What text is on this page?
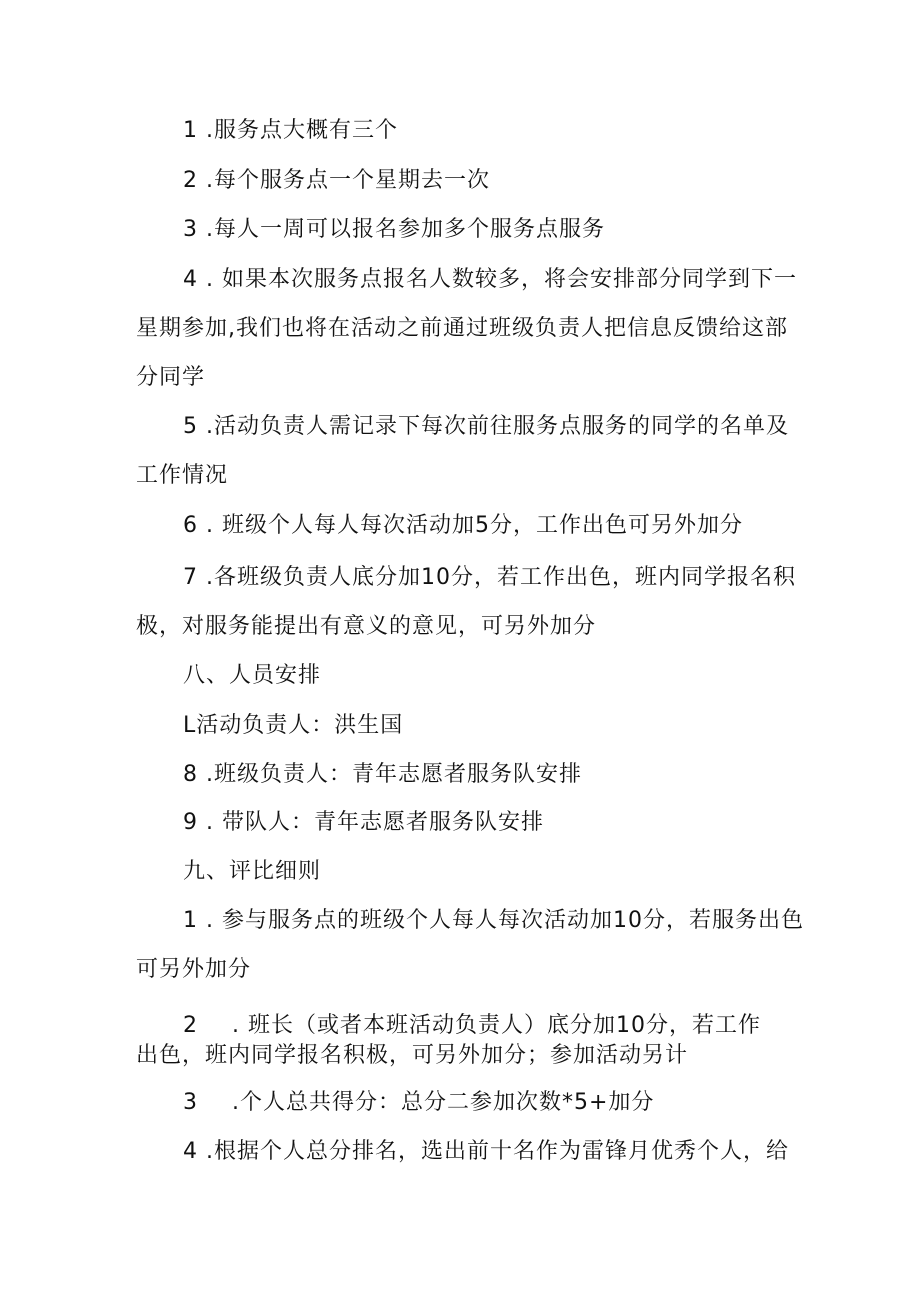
1 .服务点大概有三个
2 .每个服务点一个星期去一次
3 .每人一周可以报名参加多个服务点服务
4 . 如果本次服务点报名人数较多，将会安排部分同学到下一
星期参加,我们也将在活动之前通过班级负责人把信息反馈给这部
分同学
5 .活动负责人需记录下每次前往服务点服务的同学的名单及
工作情况
6 . 班级个人每人每次活动加5分，工作出色可另外加分
7 .各班级负责人底分加10分，若工作出色，班内同学报名积
极，对服务能提出有意义的意见，可另外加分
八、人员安排
L活动负责人：洪生国
8 .班级负责人：青年志愿者服务队安排
9 . 带队人：青年志愿者服务队安排
九、评比细则
1 . 参与服务点的班级个人每人每次活动加10分，若服务出色
可另外加分
2 . 班长（或者本班活动负责人）底分加10分，若工作
出色，班内同学报名积极，可另外加分；参加活动另计
3 .个人总共得分：总分二参加次数*5+加分
4 .根据个人总分排名，选出前十名作为雷锋月优秀个人，给
